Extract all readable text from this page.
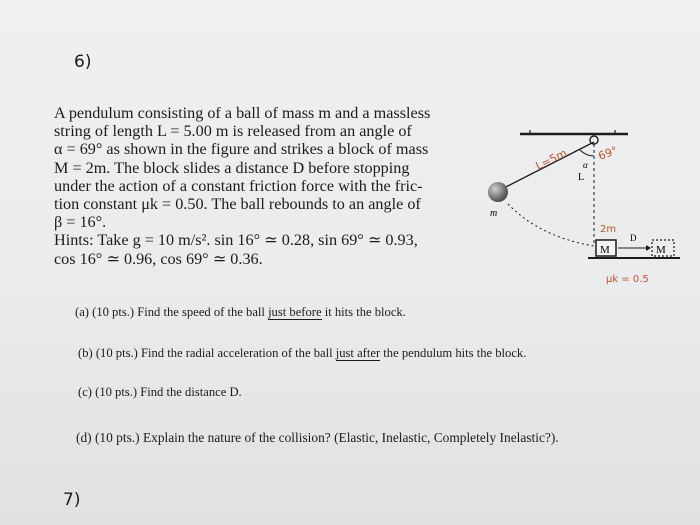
6)
A pendulum consisting of a ball of mass m and a massless
string of length L = 5.00 m is released from an angle of
α = 69° as shown in the figure and strikes a block of mass
M = 2m. The block slides a distance D before stopping
under the action of a constant friction force with the fric-
tion constant μk = 0.50. The ball rebounds to an angle of
β = 16°.
Hints: Take g = 10 m/s². sin 16° ≃ 0.28, sin 69° ≃ 0.93,
cos 16° ≃ 0.96, cos 69° ≃ 0.36.
L
α
m
D
M	M
L=5m	69°
2m
μk = 0.5
(a) (10 pts.) Find the speed of the ball just before it hits the block.
(b) (10 pts.) Find the radial acceleration of the ball just after the pendulum hits the block.
(c) (10 pts.) Find the distance D.
(d) (10 pts.) Explain the nature of the collision? (Elastic, Inelastic, Completely Inelastic?).
7)
